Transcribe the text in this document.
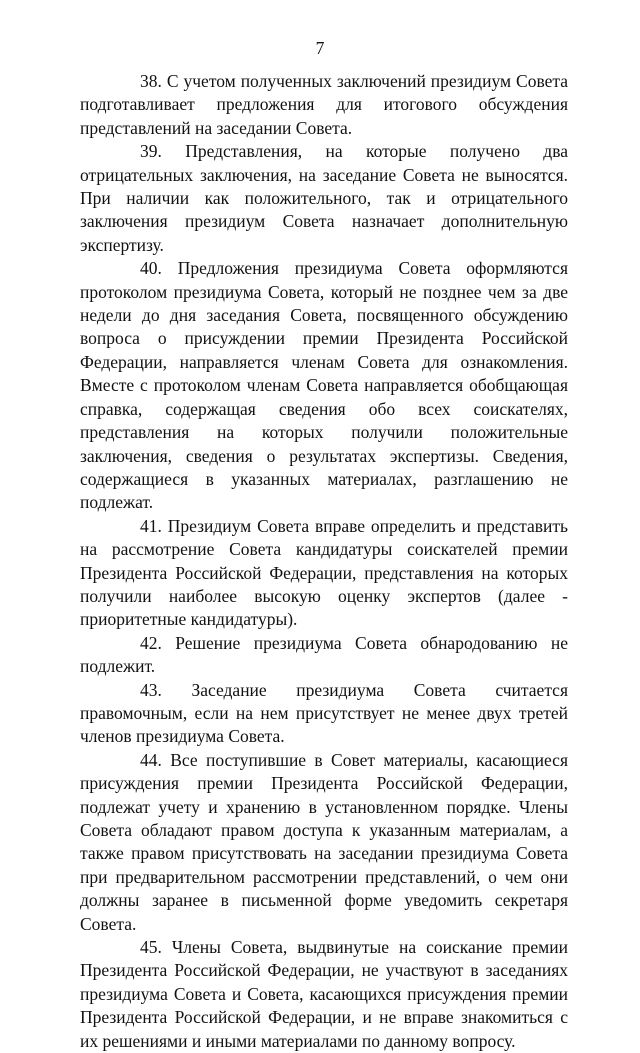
7

38. С учетом полученных заключений президиум Совета подготавливает предложения для итогового обсуждения представлений на заседании Совета.

39. Представления, на которые получено два отрицательных заключения, на заседание Совета не выносятся. При наличии как положительного, так и отрицательного заключения президиум Совета назначает дополнительную экспертизу.

40. Предложения президиума Совета оформляются протоколом президиума Совета, который не позднее чем за две недели до дня заседания Совета, посвященного обсуждению вопроса о присуждении премии Президента Российской Федерации, направляется членам Совета для ознакомления. Вместе с протоколом членам Совета направляется обобщающая справка, содержащая сведения обо всех соискателях, представления на которых получили положительные заключения, сведения о результатах экспертизы. Сведения, содержащиеся в указанных материалах, разглашению не подлежат.

41. Президиум Совета вправе определить и представить на рассмотрение Совета кандидатуры соискателей премии Президента Российской Федерации, представления на которых получили наиболее высокую оценку экспертов (далее - приоритетные кандидатуры).

42. Решение президиума Совета обнародованию не подлежит.

43. Заседание президиума Совета считается правомочным, если на нем присутствует не менее двух третей членов президиума Совета.

44. Все поступившие в Совет материалы, касающиеся присуждения премии Президента Российской Федерации, подлежат учету и хранению в установленном порядке. Члены Совета обладают правом доступа к указанным материалам, а также правом присутствовать на заседании президиума Совета при предварительном рассмотрении представлений, о чем они должны заранее в письменной форме уведомить секретаря Совета.

45. Члены Совета, выдвинутые на соискание премии Президента Российской Федерации, не участвуют в заседаниях президиума Совета и Совета, касающихся присуждения премии Президента Российской Федерации, и не вправе знакомиться с их решениями и иными материалами по данному вопросу.
